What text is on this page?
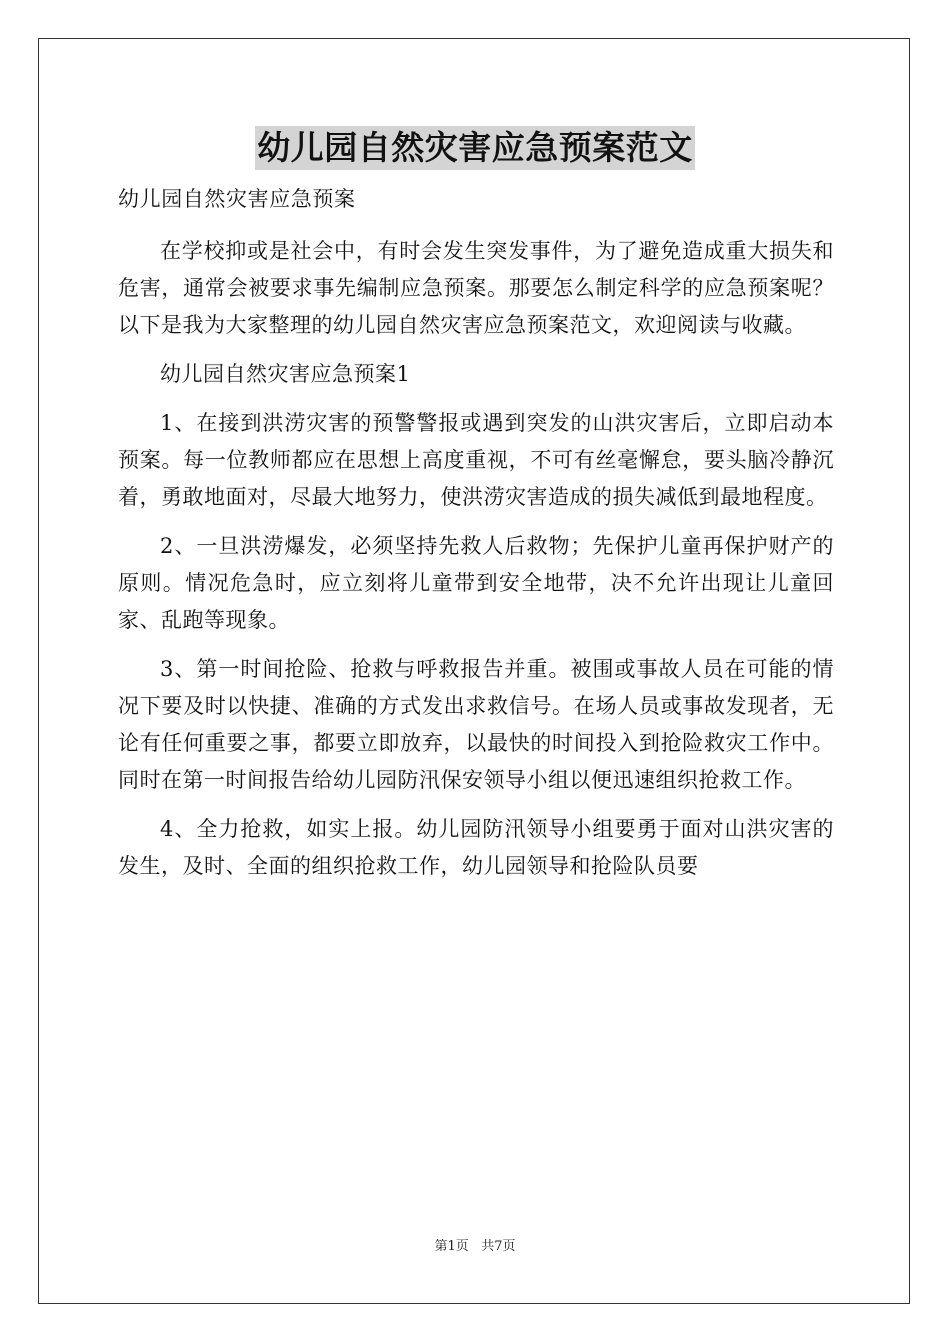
幼儿园自然灾害应急预案范文
幼儿园自然灾害应急预案

在学校抑或是社会中，有时会发生突发事件，为了避免造成重大损失和危害，通常会被要求事先编制应急预案。那要怎么制定科学的应急预案呢？以下是我为大家整理的幼儿园自然灾害应急预案范文，欢迎阅读与收藏。

幼儿园自然灾害应急预案1

1、在接到洪涝灾害的预警警报或遇到突发的山洪灾害后，立即启动本预案。每一位教师都应在思想上高度重视，不可有丝毫懈怠，要头脑冷静沉着，勇敢地面对，尽最大地努力，使洪涝灾害造成的损失减低到最地程度。

2、一旦洪涝爆发，必须坚持先救人后救物；先保护儿童再保护财产的原则。情况危急时，应立刻将儿童带到安全地带，决不允许出现让儿童回家、乱跑等现象。

3、第一时间抢险、抢救与呼救报告并重。被围或事故人员在可能的情况下要及时以快捷、准确的方式发出求救信号。在场人员或事故发现者，无论有任何重要之事，都要立即放弃，以最快的时间投入到抢险救灾工作中。同时在第一时间报告给幼儿园防汛保安领导小组以便迅速组织抢救工作。

4、全力抢救，如实上报。幼儿园防汛领导小组要勇于面对山洪灾害的发生，及时、全面的组织抢救工作，幼儿园领导和抢险队员要

第1页 共7页
